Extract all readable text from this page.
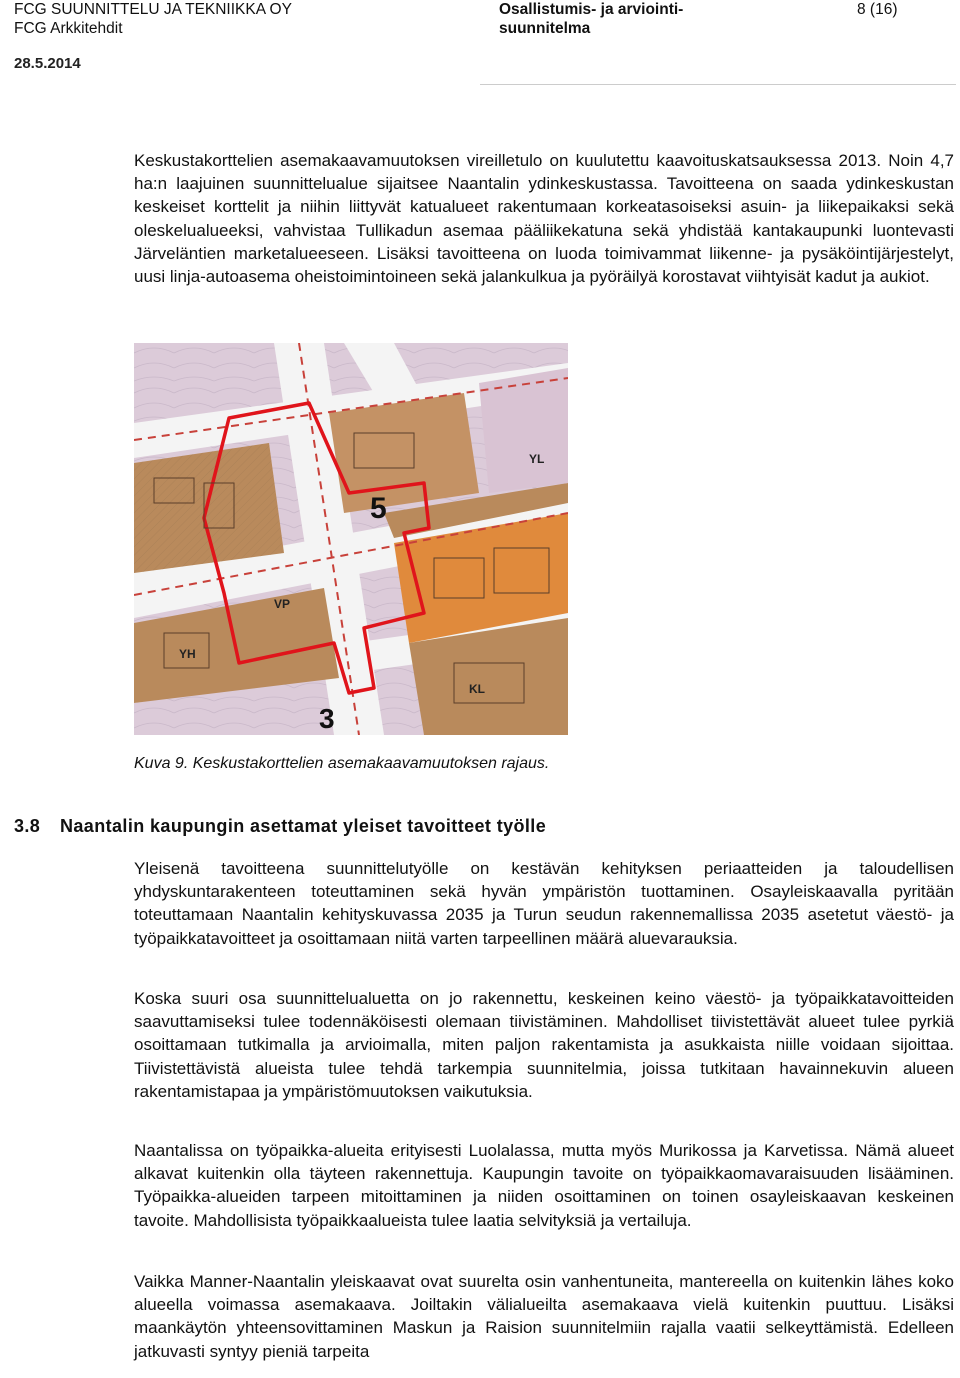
FCG SUUNNITTELU JA TEKNIIKKA OY
FCG Arkkitehdit
28.5.2014
Osallistumis- ja arviointi-
suunnitelma
8 (16)

Keskustakorttelien asemakaavamuutoksen vireilletulo on kuulutettu kaavoituskatsauksessa 2013. Noin 4,7 ha:n laajuinen suunnittelualue sijaitsee Naantalin ydinkeskustassa. Tavoitteena on saada ydinkeskustan keskeiset korttelit ja niihin liittyvät katualueet rakentumaan korkeatasoiseksi asuin- ja liikepaikaksi sekä oleskelualueeksi, vahvistaa Tullikadun asemaa pääliikekatuna sekä yhdistää kantakaupunki luontevasti Järveläntien marketalueeseen. Lisäksi tavoitteena on luoda toimivammat liikenne- ja pysäköintijärjestelyt, uusi linja-autoasema oheistoimintoineen sekä jalankulkua ja pyöräilyä korostavat viihtyisät kadut ja aukiot.

5
3
VP
KL
YH
YL
Kuva 9. Keskustakorttelien asemakaavamuutoksen rajaus.
3.8 Naantalin kaupungin asettamat yleiset tavoitteet työlle

Yleisenä tavoitteena suunnittelutyölle on kestävän kehityksen periaatteiden ja taloudellisen yhdyskuntarakenteen toteuttaminen sekä hyvän ympäristön tuottaminen. Osayleiskaavalla pyritään toteuttamaan Naantalin kehityskuvassa 2035 ja Turun seudun rakennemallissa 2035 asetetut väestö- ja työpaikkatavoitteet ja osoittamaan niitä varten tarpeellinen määrä aluevarauksia.

Koska suuri osa suunnittelualuetta on jo rakennettu, keskeinen keino väestö- ja työpaikkatavoitteiden saavuttamiseksi tulee todennäköisesti olemaan tiivistäminen. Mahdolliset tiivistettävät alueet tulee pyrkiä osoittamaan tutkimalla ja arvioimalla, miten paljon rakentamista ja asukkaista niille voidaan sijoittaa. Tiivistettävistä alueista tulee tehdä tarkempia suunnitelmia, joissa tutkitaan havainnekuvin alueen rakentamistapaa ja ympäristömuutoksen vaikutuksia.

Naantalissa on työpaikka-alueita erityisesti Luolalassa, mutta myös Murikossa ja Karvetissa. Nämä alueet alkavat kuitenkin olla täyteen rakennettuja. Kaupungin tavoite on työpaikkaomavaraisuuden lisääminen. Työpaikka-alueiden tarpeen mitoittaminen ja niiden osoittaminen on toinen osayleiskaavan keskeinen tavoite. Mahdollisista työpaikkaalueista tulee laatia selvityksiä ja vertailuja.

Vaikka Manner-Naantalin yleiskaavat ovat suurelta osin vanhentuneita, mantereella on kuitenkin lähes koko alueella voimassa asemakaava. Joiltakin välialueilta asemakaava vielä kuitenkin puuttuu. Lisäksi maankäytön yhteensovittaminen Maskun ja Raision suunnitelmiin rajalla vaatii selkeyttämistä. Edelleen jatkuvasti syntyy pieniä tarpeita
